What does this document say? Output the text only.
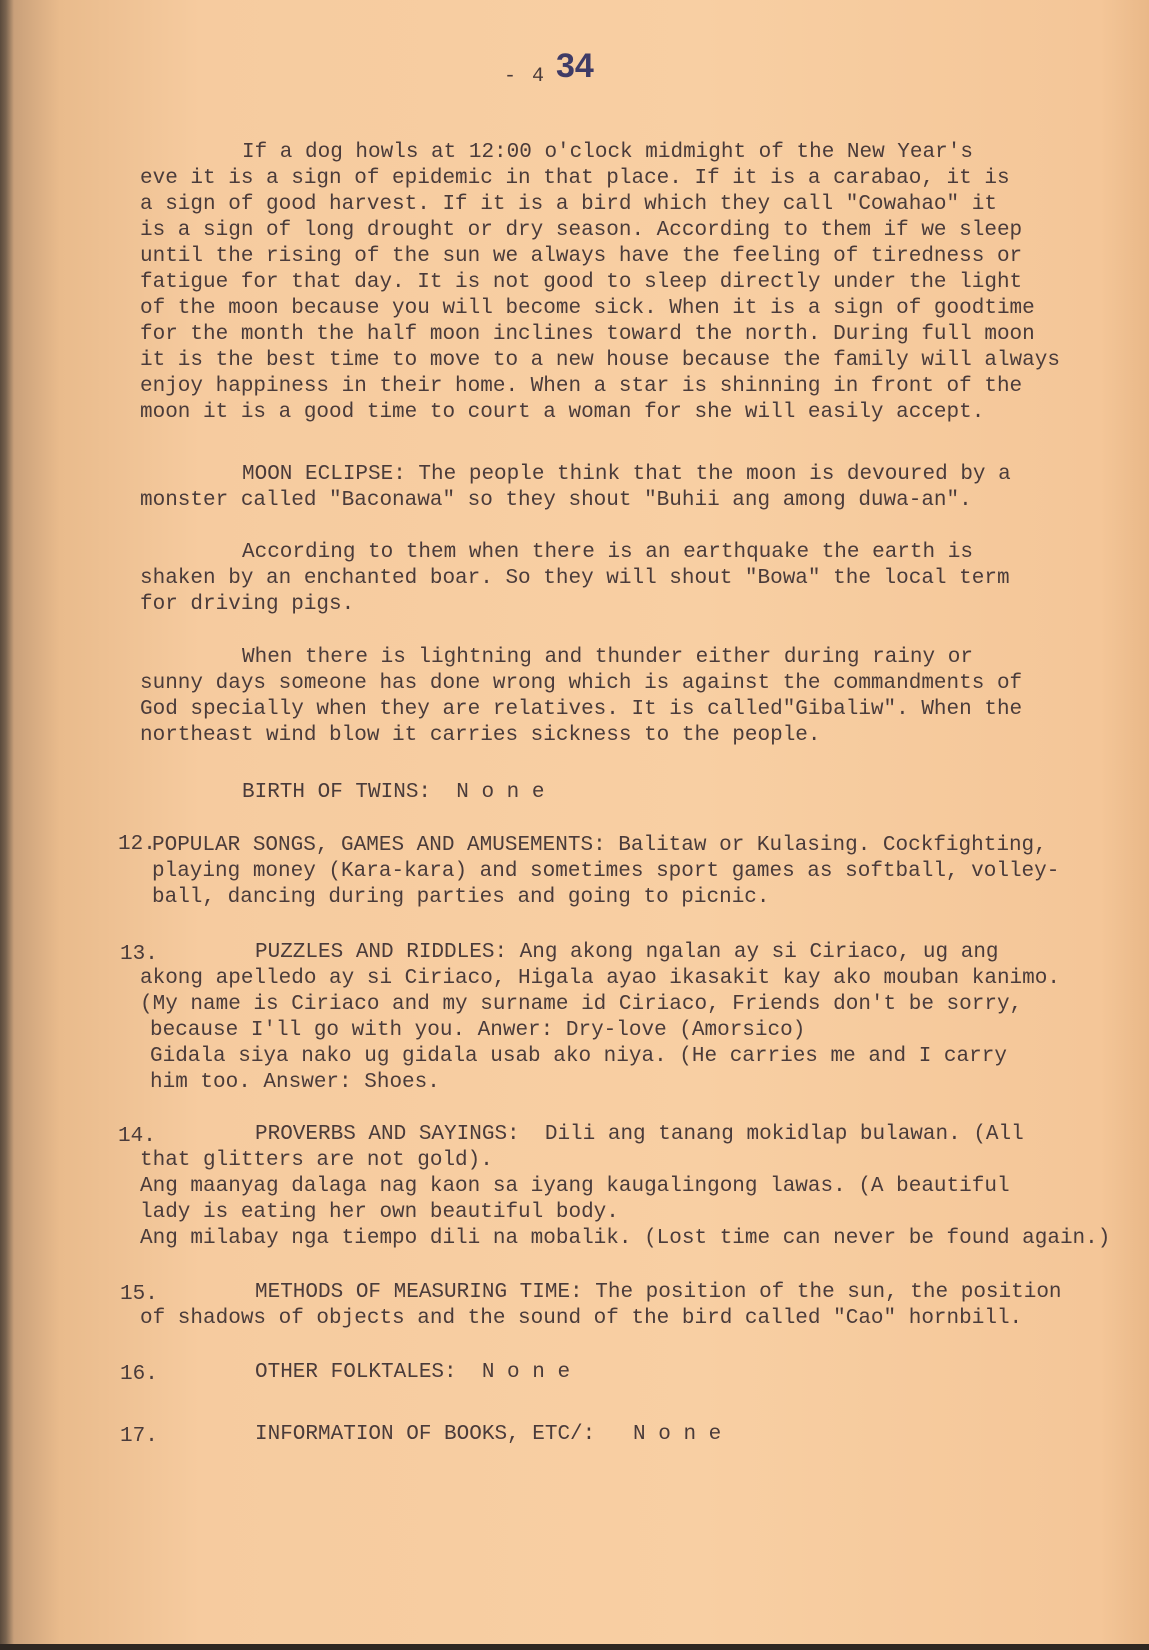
- 4 -
34
If a dog howls at 12:00 o'clock midmight of the New Year's
eve it is a sign of epidemic in that place. If it is a carabao, it is
a sign of good harvest. If it is a bird which they call "Cowahao" it
is a sign of long drought or dry season. According to them if we sleep
until the rising of the sun we always have the feeling of tiredness or
fatigue for that day. It is not good to sleep directly under the light
of the moon because you will become sick. When it is a sign of goodtime
for the month the half moon inclines toward the north. During full moon
it is the best time to move to a new house because the family will always
enjoy happiness in their home. When a star is shinning in front of the
moon it is a good time to court a woman for she will easily accept.
MOON ECLIPSE: The people think that the moon is devoured by a
monster called "Baconawa" so they shout "Buhii ang among duwa-an".
According to them when there is an earthquake the earth is
shaken by an enchanted boar. So they will shout "Bowa" the local term
for driving pigs.
When there is lightning and thunder either during rainy or
sunny days someone has done wrong which is against the commandments of
God specially when they are relatives. It is called"Gibaliw". When the
northeast wind blow it carries sickness to the people.
BIRTH OF TWINS:  N o n e
12.
POPULAR SONGS, GAMES AND AMUSEMENTS: Balitaw or Kulasing. Cockfighting,
playing money (Kara-kara) and sometimes sport games as softball, volley-
ball, dancing during parties and going to picnic.
13.	PUZZLES AND RIDDLES: Ang akong ngalan ay si Ciriaco, ug ang
akong apelledo ay si Ciriaco, Higala ayao ikasakit kay ako mouban kanimo.
(My name is Ciriaco and my surname id Ciriaco, Friends don't be sorry,
because I'll go with you. Anwer: Dry-love (Amorsico)
Gidala siya nako ug gidala usab ako niya. (He carries me and I carry
him too. Answer: Shoes.
14.	PROVERBS AND SAYINGS:  Dili ang tanang mokidlap bulawan. (All
that glitters are not gold).
Ang maanyag dalaga nag kaon sa iyang kaugalingong lawas. (A beautiful
lady is eating her own beautiful body.
Ang milabay nga tiempo dili na mobalik. (Lost time can never be found again.)
15.	METHODS OF MEASURING TIME: The position of the sun, the position
of shadows of objects and the sound of the bird called "Cao" hornbill.
16.	OTHER FOLKTALES:  N o n e
17.	INFORMATION OF BOOKS, ETC/:   N o n e
